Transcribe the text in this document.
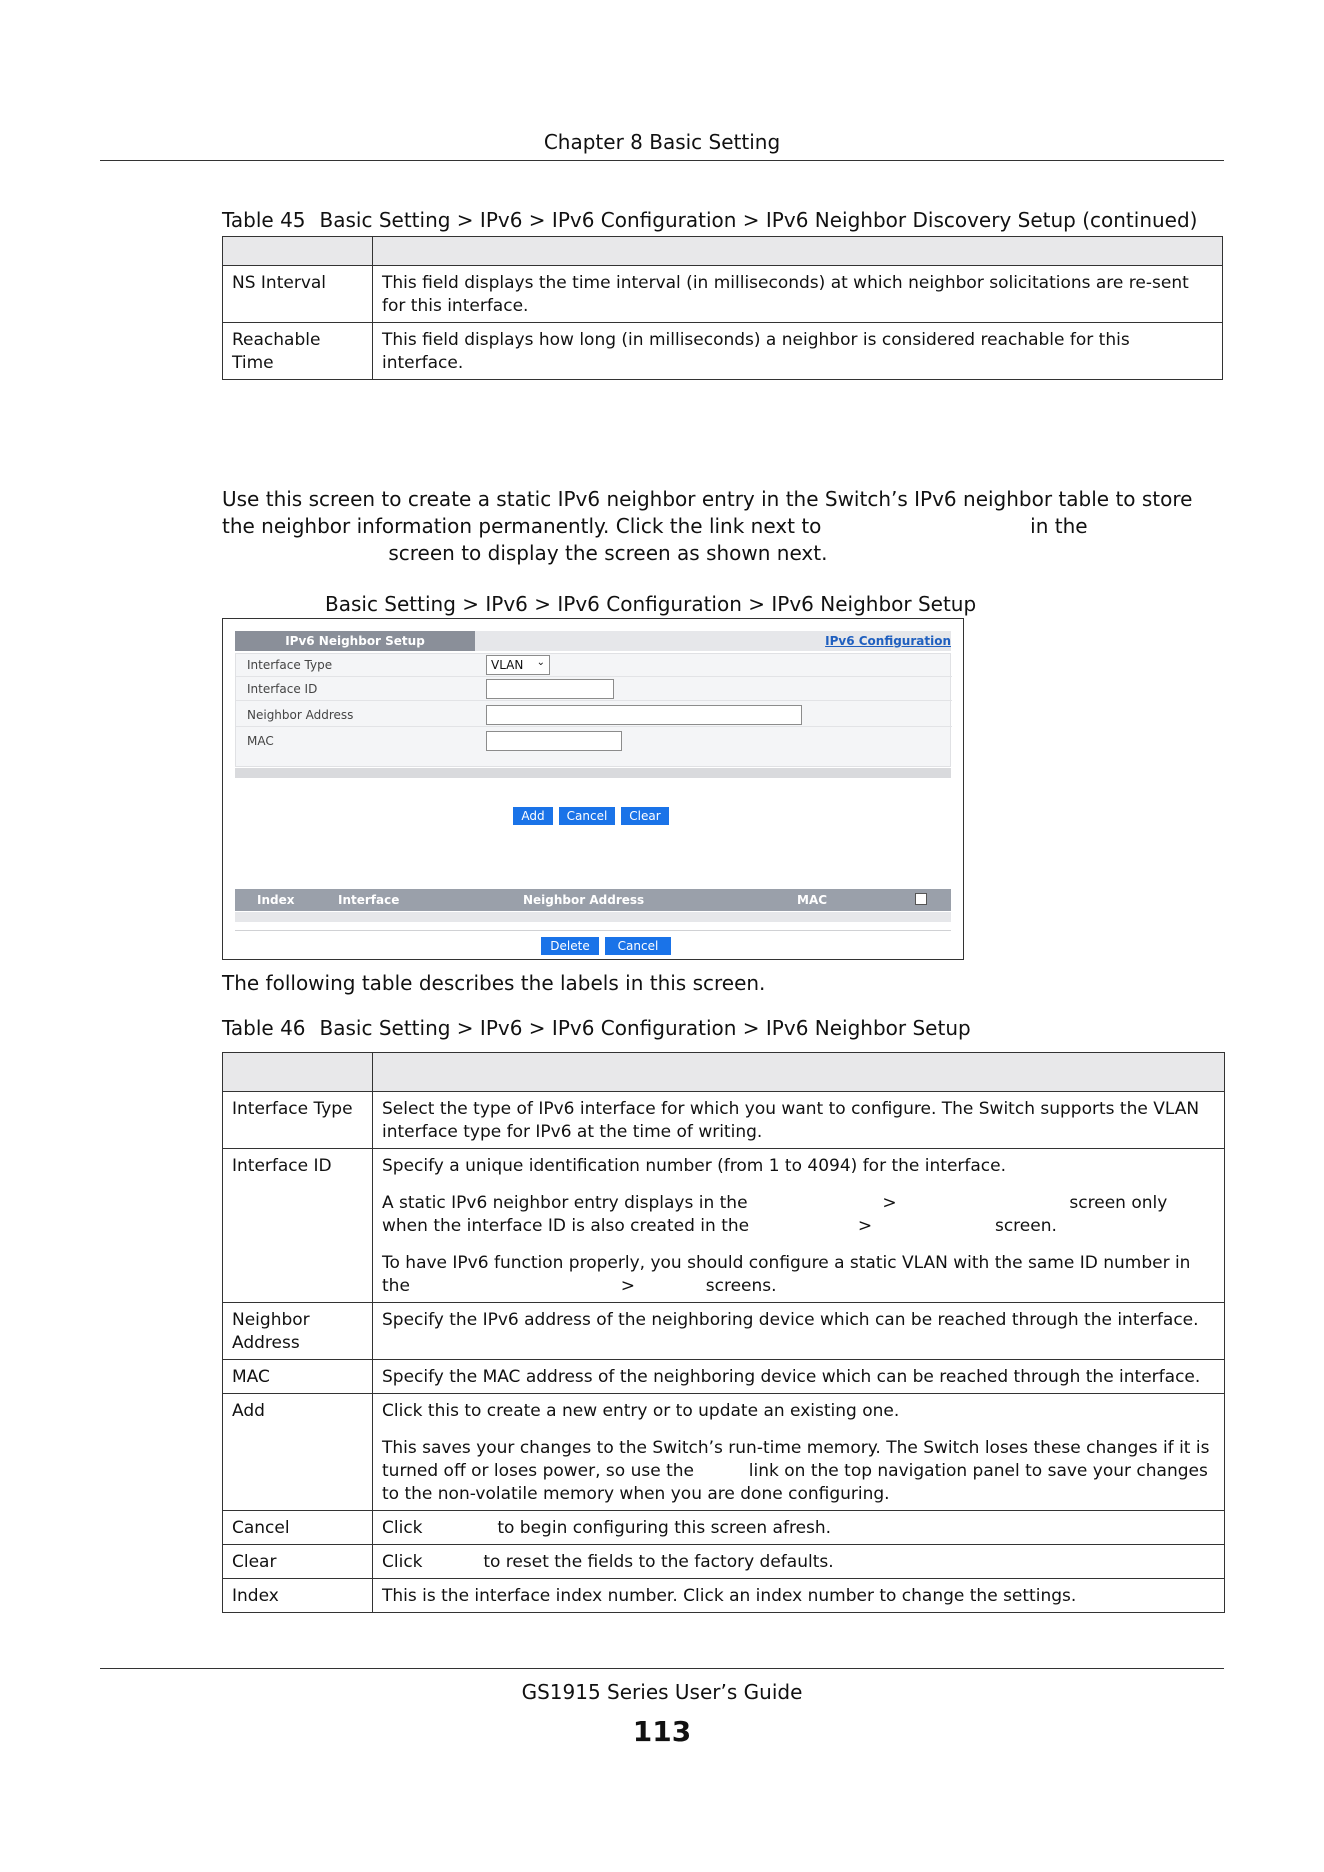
Chapter 8 Basic Setting
Table 45 Basic Setting > IPv6 > IPv6 Configuration > IPv6 Neighbor Discovery Setup (continued)

NS Interval	This field displays the time interval (in milliseconds) at which neighbor solicitations are re-sent for this interface.
Reachable Time	This field displays how long (in milliseconds) a neighbor is considered reachable for this interface.
Use this screen to create a static IPv6 neighbor entry in the Switch’s IPv6 neighbor table to store the neighbor information permanently. Click the link next to	in the  screen to display the screen as shown next.
Basic Setting > IPv6 > IPv6 Configuration > IPv6 Neighbor Setup
IPv6 Neighbor Setup	IPv6 Configuration
Interface Type	VLAN ⌄
Interface ID
Neighbor Address
MAC
Add	Cancel	Clear
Index	Interface	Neighbor Address	MAC
Delete	Cancel
The following table describes the labels in this screen.
Table 46 Basic Setting > IPv6 > IPv6 Configuration > IPv6 Neighbor Setup

Interface Type	Select the type of IPv6 interface for which you want to configure. The Switch supports the VLAN interface type for IPv6 at the time of writing.

Interface ID	Specify a unique identification number (from 1 to 4094) for the interface.

A static IPv6 neighbor entry displays in the > screen only when the interface ID is also created in the > screen.

To have IPv6 function properly, you should configure a static VLAN with the same ID number in the > screens.

Neighbor Address	Specify the IPv6 address of the neighboring device which can be reached through the interface.

MAC	Specify the MAC address of the neighboring device which can be reached through the interface.

Add	Click this to create a new entry or to update an existing one.

This saves your changes to the Switch’s run-time memory. The Switch loses these changes if it is turned off or loses power, so use the link on the top navigation panel to save your changes to the non-volatile memory when you are done configuring.

Cancel	Click to begin configuring this screen afresh.

Clear	Click to reset the fields to the factory defaults.

Index	This is the interface index number. Click an index number to change the settings.

GS1915 Series User’s Guide
113
